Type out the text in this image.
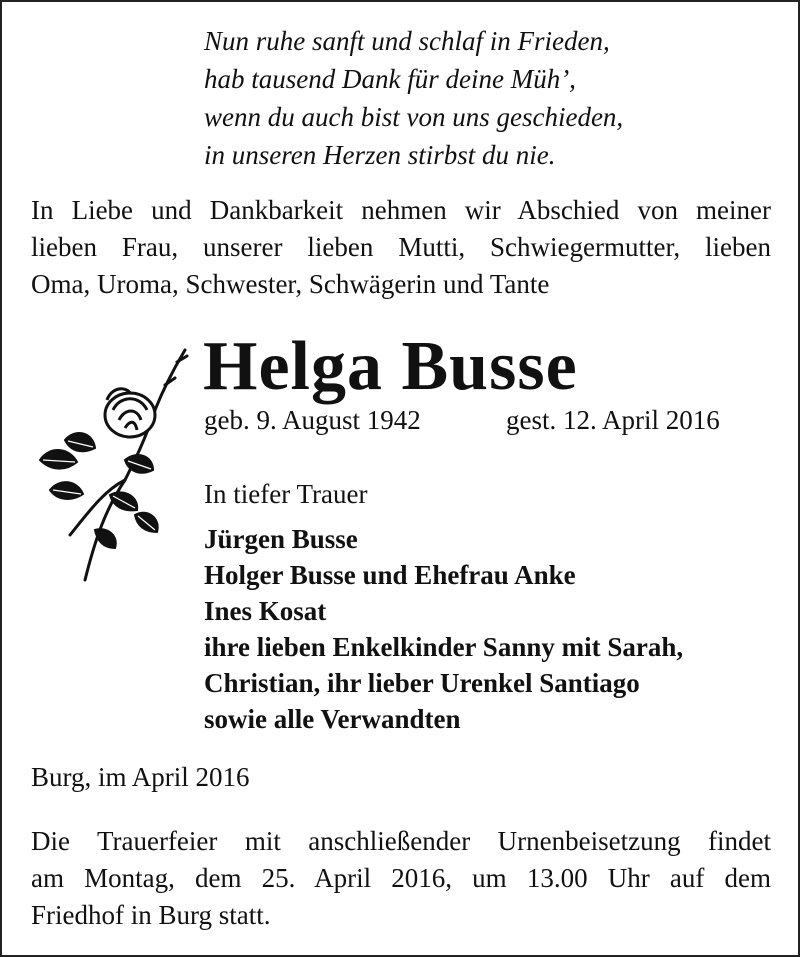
Nun ruhe sanft und schlaf in Frieden,
hab tausend Dank für deine Müh’,
wenn du auch bist von uns geschieden,
in unseren Herzen stirbst du nie.
In Liebe und Dankbarkeit nehmen wir Abschied von meiner
lieben Frau, unserer lieben Mutti, Schwiegermutter, lieben
Oma, Uroma, Schwester, Schwägerin und Tante
Helga Busse
geb. 9. August 1942	gest. 12. April 2016
In tiefer Trauer
Jürgen Busse
Holger Busse und Ehefrau Anke
Ines Kosat
ihre lieben Enkelkinder Sanny mit Sarah,
Christian, ihr lieber Urenkel Santiago
sowie alle Verwandten
Burg, im April 2016
Die Trauerfeier mit anschließender Urnenbeisetzung findet
am Montag, dem 25. April 2016, um 13.00 Uhr auf dem
Friedhof in Burg statt.
